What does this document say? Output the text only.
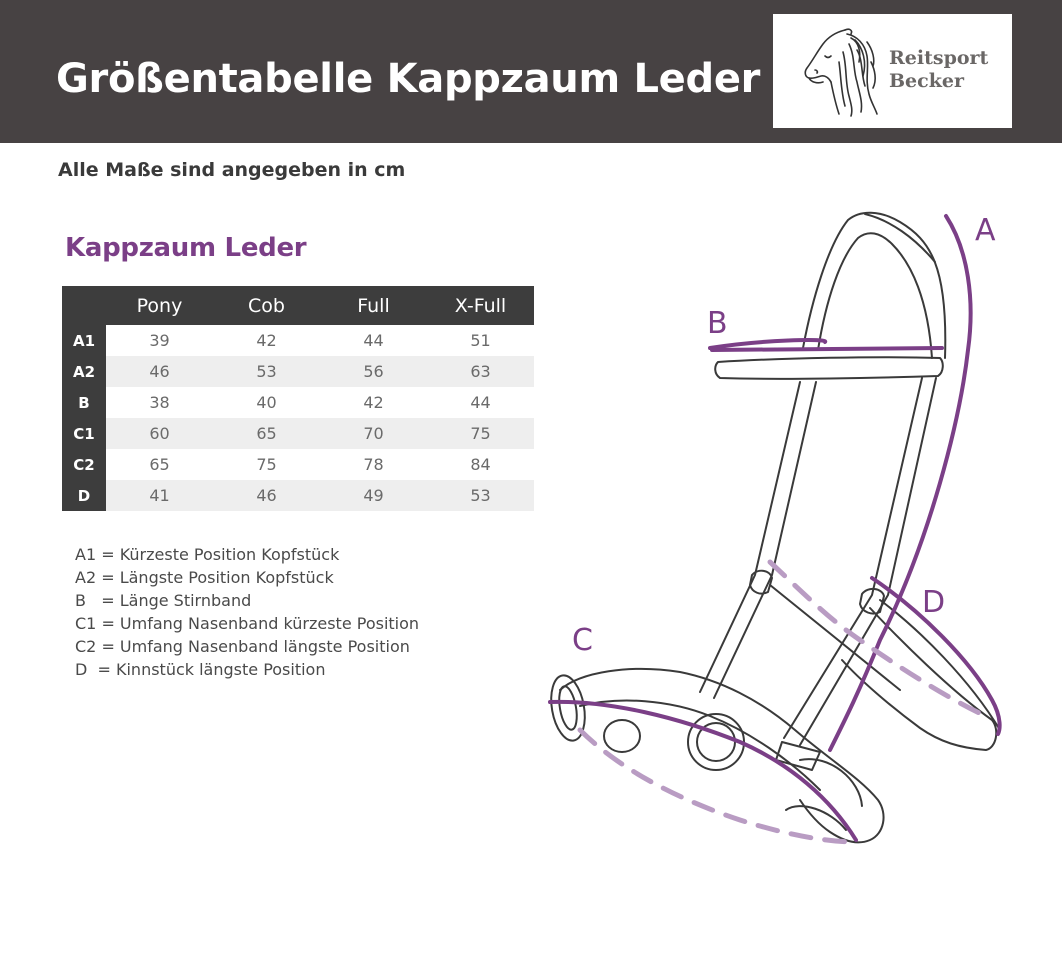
Größentabelle Kappzaum Leder	Reitsport
Becker
Alle Maße sind angegeben in cm
Kappzaum Leder
	Pony	Cob	Full	X-Full
A1	39	42	44	51
A2	46	53	56	63
B	38	40	42	44
C1	60	65	70	75
C2	65	75	78	84
D	41	46	49	53
A1 = Kürzeste Position Kopfstück
A2 = Längste Position Kopfstück
B   = Länge Stirnband
C1 = Umfang Nasenband kürzeste Position
C2 = Umfang Nasenband längste Position
D  = Kinnstück längste Position
A
B
D
C
